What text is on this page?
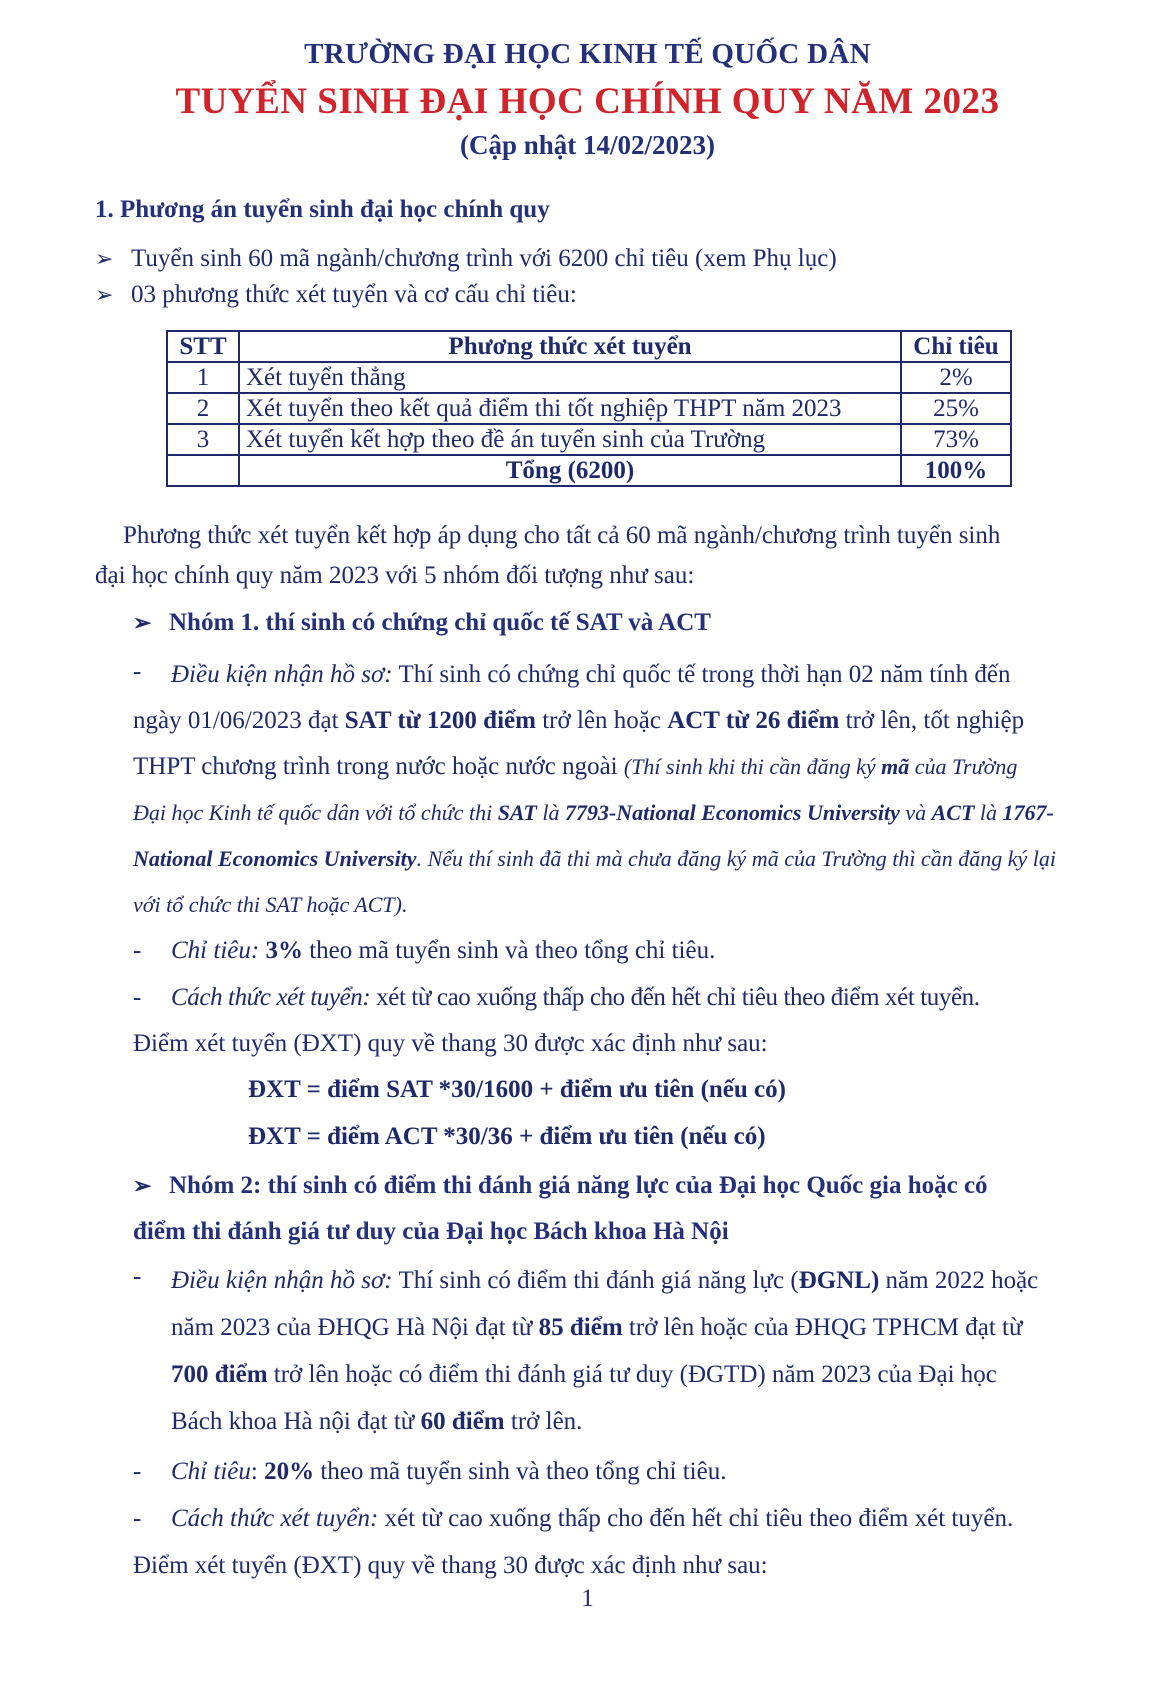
TRƯỜNG ĐẠI HỌC KINH TẾ QUỐC DÂN
TUYỂN SINH ĐẠI HỌC CHÍNH QUY NĂM 2023
(Cập nhật 14/02/2023)
1. Phương án tuyển sinh đại học chính quy
➢ Tuyển sinh 60 mã ngành/chương trình với 6200 chỉ tiêu (xem Phụ lục)
➢ 03 phương thức xét tuyển và cơ cấu chỉ tiêu:
STT	Phương thức xét tuyển	Chỉ tiêu
1	Xét tuyển thẳng	2%
2	Xét tuyển theo kết quả điểm thi tốt nghiệp THPT năm 2023	25%
3	Xét tuyển kết hợp theo đề án tuyển sinh của Trường	73%
	Tổng (6200)	100%
Phương thức xét tuyển kết hợp áp dụng cho tất cả 60 mã ngành/chương trình tuyển sinh
đại học chính quy năm 2023 với 5 nhóm đối tượng như sau:
➢ Nhóm 1. thí sinh có chứng chỉ quốc tế SAT và ACT
-	Điều kiện nhận hồ sơ: Thí sinh có chứng chỉ quốc tế trong thời hạn 02 năm tính đến
ngày 01/06/2023 đạt SAT từ 1200 điểm trở lên hoặc ACT từ 26 điểm trở lên, tốt nghiệp
THPT chương trình trong nước hoặc nước ngoài (Thí sinh khi thi cần đăng ký mã của Trường
Đại học Kinh tế quốc dân với tổ chức thi SAT là 7793-National Economics University và ACT là 1767-
National Economics University. Nếu thí sinh đã thi mà chưa đăng ký mã của Trường thì cần đăng ký lại
với tổ chức thi SAT hoặc ACT).
- Chỉ tiêu: 3% theo mã tuyển sinh và theo tổng chỉ tiêu.
- Cách thức xét tuyển: xét từ cao xuống thấp cho đến hết chỉ tiêu theo điểm xét tuyển.
Điểm xét tuyển (ĐXT) quy về thang 30 được xác định như sau:
ĐXT = điểm SAT *30/1600 + điểm ưu tiên (nếu có)
ĐXT = điểm ACT *30/36 + điểm ưu tiên (nếu có)
➢ Nhóm 2: thí sinh có điểm thi đánh giá năng lực của Đại học Quốc gia hoặc có
điểm thi đánh giá tư duy của Đại học Bách khoa Hà Nội
- Điều kiện nhận hồ sơ: Thí sinh có điểm thi đánh giá năng lực (ĐGNL) năm 2022 hoặc
năm 2023 của ĐHQG Hà Nội đạt từ 85 điểm trở lên hoặc của ĐHQG TPHCM đạt từ
700 điểm trở lên hoặc có điểm thi đánh giá tư duy (ĐGTD) năm 2023 của Đại học
Bách khoa Hà nội đạt từ 60 điểm trở lên.
- Chỉ tiêu: 20% theo mã tuyển sinh và theo tổng chỉ tiêu.
- Cách thức xét tuyển: xét từ cao xuống thấp cho đến hết chỉ tiêu theo điểm xét tuyển.
Điểm xét tuyển (ĐXT) quy về thang 30 được xác định như sau:
1
